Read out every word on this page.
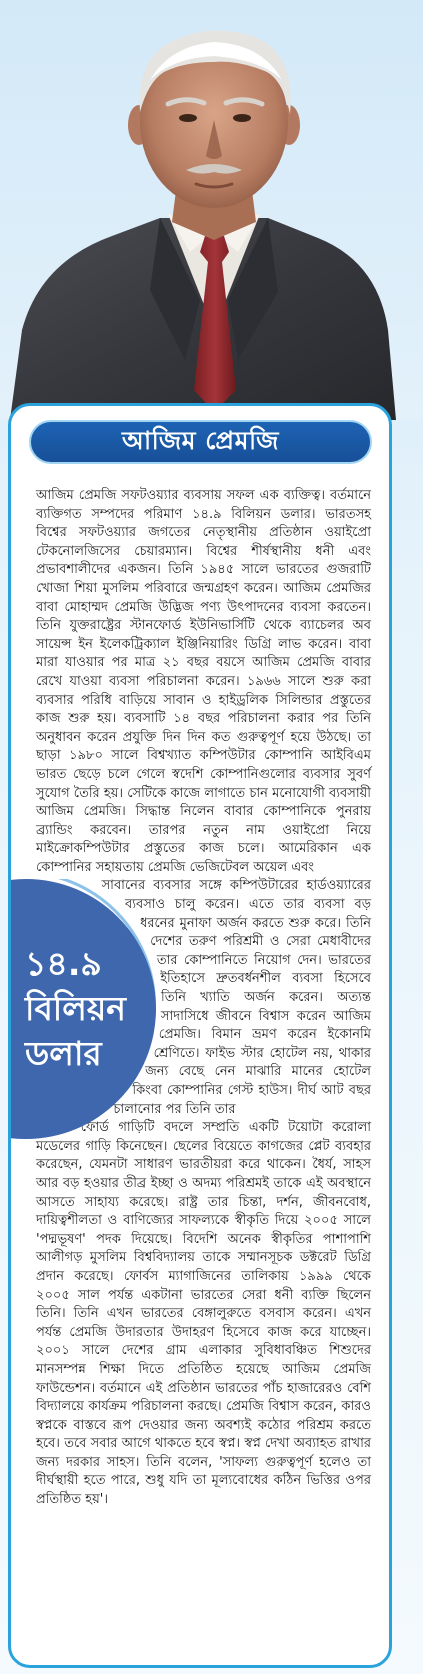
আজিম প্রেমজি

আজিম প্রেমজি সফটওয়্যার ব্যবসায় সফল এক ব্যক্তিত্ব। বর্তমানে ব্যক্তিগত সম্পদের পরিমাণ ১৪.৯ বিলিয়ন ডলার। ভারতসহ বিশ্বের সফটওয়্যার জগতের নেতৃস্থানীয় প্রতিষ্ঠান ওয়াইপ্রো টেকনোলজিসের চেয়ারম্যান। বিশ্বের শীর্ষস্থানীয় ধনী এবং প্রভাবশালীদের একজন। তিনি ১৯৪৫ সালে ভারতের গুজরাটি খোজা শিয়া মুসলিম পরিবারে জন্মগ্রহণ করেন। আজিম প্রেমজির বাবা মোহাম্মদ প্রেমজি উদ্ভিজ পণ্য উৎপাদনের ব্যবসা করতেন। তিনি যুক্তরাষ্ট্রের স্টানফোর্ড ইউনিভার্সিটি থেকে ব্যাচেলর অব সায়েন্স ইন ইলেকট্রিক্যাল ইঞ্জিনিয়ারিং ডিগ্রি লাভ করেন। বাবা মারা যাওয়ার পর মাত্র ২১ বছর বয়সে আজিম প্রেমজি বাবার রেখে যাওয়া ব্যবসা পরিচালনা করেন। ১৯৬৬ সালে শুরু করা ব্যবসার পরিধি বাড়িয়ে সাবান ও হাইড্রলিক সিলিন্ডার প্রস্তুতের কাজ শুরু হয়। ব্যবসাটি ১৪ বছর পরিচালনা করার পর তিনি অনুধাবন করেন প্রযুক্তি দিন দিন কত গুরুত্বপূর্ণ হয়ে উঠছে। তা ছাড়া ১৯৮০ সালে বিশ্বখ্যাত কম্পিউটার কোম্পানি আইবিএম ভারত ছেড়ে চলে গেলে স্বদেশি কোম্পানিগুলোর ব্যবসার সুবর্ণ সুযোগ তৈরি হয়। সেটিকে কাজে লাগাতে চান মনোযোগী ব্যবসায়ী আজিম প্রেমজি। সিদ্ধান্ত নিলেন বাবার কোম্পানিকে পুনরায় ব্র্যান্ডিং করবেন। তারপর নতুন নাম ওয়াইপ্রো নিয়ে মাইক্রোকম্পিউটার প্রস্তুতের কাজ চলে। আমেরিকান এক কোম্পানির সহায়তায় প্রেমজি ভেজিটেবল অয়েল এবং

সাবানের ব্যবসার সঙ্গে কম্পিউটারের হার্ডওয়্যারের ব্যবসাও চালু করেন। এতে তার ব্যবসা বড় ধরনের মুনাফা অর্জন করতে শুরু করে। তিনি দেশের তরুণ পরিশ্রমী ও সেরা মেধাবীদের তার কোম্পানিতে নিয়োগ দেন। ভারতের ইতিহাসে দ্রুতবর্ধনশীল ব্যবসা হিসেবে তিনি খ্যাতি অর্জন করেন। অত্যন্ত সাদাসিধে জীবনে বিশ্বাস করেন আজিম প্রেমজি। বিমান ভ্রমণ করেন ইকোনমি শ্রেণিতে। ফাইভ স্টার হোটেল নয়, থাকার জন্য বেছে নেন মাঝারি মানের হোটেল কিংবা কোম্পানির গেস্ট হাউস। দীর্ঘ আট বছর চালানোর পর তিনি তার

ফোর্ড গাড়িটি বদলে সম্প্রতি একটি টয়োটা করোলা মডেলের গাড়ি কিনেছেন। ছেলের বিয়েতে কাগজের প্লেট ব্যবহার করেছেন, যেমনটা সাধারণ ভারতীয়রা করে থাকেন। ধৈর্য, সাহস আর বড় হওয়ার তীব্র ইচ্ছা ও অদম্য পরিশ্রমই তাকে এই অবস্থানে আসতে সাহায্য করেছে। রাষ্ট্র তার চিন্তা, দর্শন, জীবনবোধ, দায়িত্বশীলতা ও বাণিজ্যের সাফল্যকে স্বীকৃতি দিয়ে ২০০৫ সালে 'পদ্মভূষণ' পদক দিয়েছে। বিদেশি অনেক স্বীকৃতির পাশাপাশি আলীগড় মুসলিম বিশ্ববিদ্যালয় তাকে সম্মানসূচক ডক্টরেট ডিগ্রি প্রদান করেছে। ফোর্বস ম্যাগাজিনের তালিকায় ১৯৯৯ থেকে ২০০৫ সাল পর্যন্ত একটানা ভারতের সেরা ধনী ব্যক্তি ছিলেন তিনি। তিনি এখন ভারতের বেঙ্গালুরুতে বসবাস করেন। এখন পর্যন্ত প্রেমজি উদারতার উদাহরণ হিসেবে কাজ করে যাচ্ছেন। ২০০১ সালে দেশের গ্রাম এলাকার সুবিধাবঞ্চিত শিশুদের মানসম্পন্ন শিক্ষা দিতে প্রতিষ্ঠিত হয়েছে আজিম প্রেমজি ফাউন্ডেশন। বর্তমানে এই প্রতিষ্ঠান ভারতের পাঁচ হাজারেরও বেশি বিদ্যালয়ে কার্যক্রম পরিচালনা করছে। প্রেমজি বিশ্বাস করেন, কারও স্বপ্নকে বাস্তবে রূপ দেওয়ার জন্য অবশ্যই কঠোর পরিশ্রম করতে হবে। তবে সবার আগে থাকতে হবে স্বপ্ন। স্বপ্ন দেখা অব্যাহত রাখার জন্য দরকার সাহস। তিনি বলেন, 'সাফল্য গুরুত্বপূর্ণ হলেও তা দীর্ঘস্থায়ী হতে পারে, শুধু যদি তা মূল্যবোধের কঠিন ভিত্তির ওপর প্রতিষ্ঠিত হয়'।

১৪.৯
বিলিয়ন
ডলার
